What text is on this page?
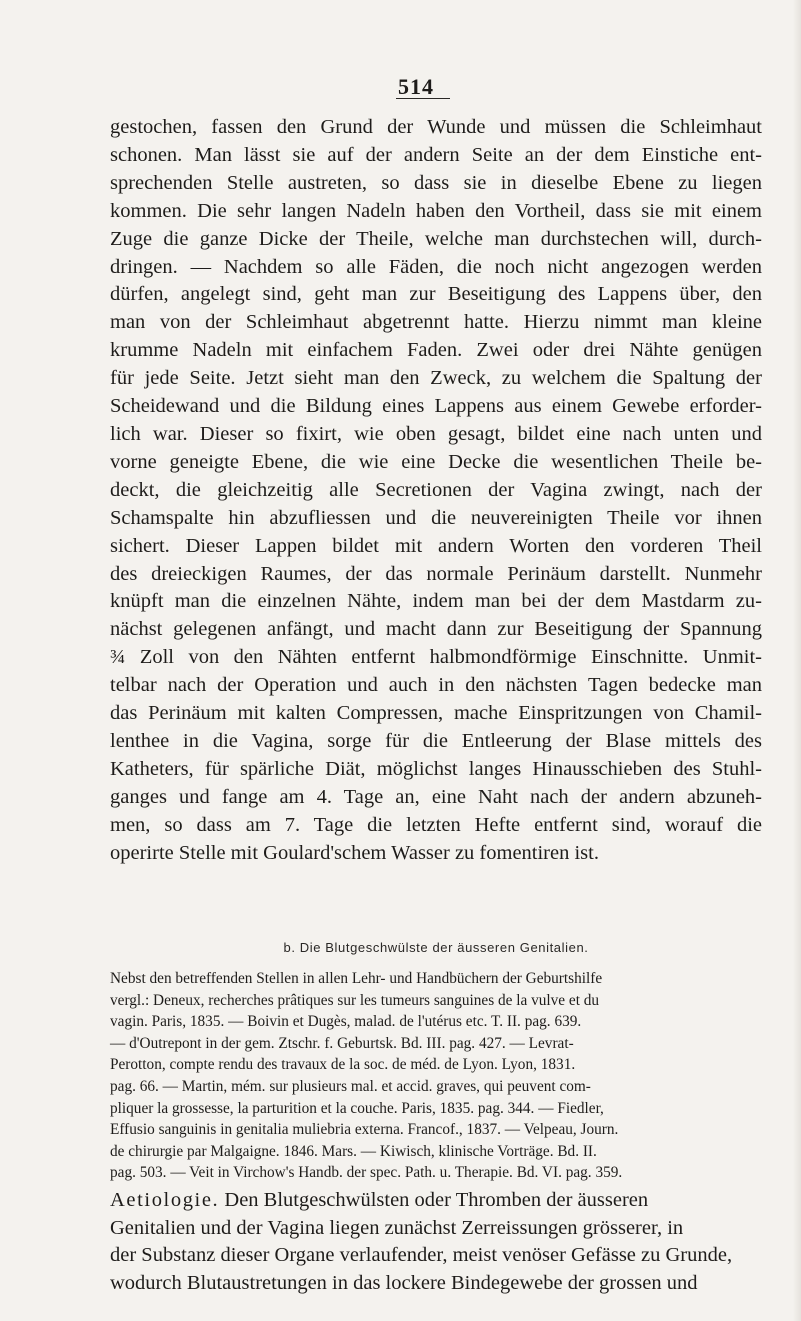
514
gestochen, fassen den Grund der Wunde und müssen die Schleimhaut
schonen. Man lässt sie auf der andern Seite an der dem Einstiche ent-
sprechenden Stelle austreten, so dass sie in dieselbe Ebene zu liegen
kommen. Die sehr langen Nadeln haben den Vortheil, dass sie mit einem
Zuge die ganze Dicke der Theile, welche man durchstechen will, durch-
dringen. — Nachdem so alle Fäden, die noch nicht angezogen werden
dürfen, angelegt sind, geht man zur Beseitigung des Lappens über, den
man von der Schleimhaut abgetrennt hatte. Hierzu nimmt man kleine
krumme Nadeln mit einfachem Faden. Zwei oder drei Nähte genügen
für jede Seite. Jetzt sieht man den Zweck, zu welchem die Spaltung der
Scheidewand und die Bildung eines Lappens aus einem Gewebe erforder-
lich war. Dieser so fixirt, wie oben gesagt, bildet eine nach unten und
vorne geneigte Ebene, die wie eine Decke die wesentlichen Theile be-
deckt, die gleichzeitig alle Secretionen der Vagina zwingt, nach der
Schamspalte hin abzufliessen und die neuvereinigten Theile vor ihnen
sichert. Dieser Lappen bildet mit andern Worten den vorderen Theil
des dreieckigen Raumes, der das normale Perinäum darstellt. Nunmehr
knüpft man die einzelnen Nähte, indem man bei der dem Mastdarm zu-
nächst gelegenen anfängt, und macht dann zur Beseitigung der Spannung
¾ Zoll von den Nähten entfernt halbmondförmige Einschnitte. Unmit-
telbar nach der Operation und auch in den nächsten Tagen bedecke man
das Perinäum mit kalten Compressen, mache Einspritzungen von Chamil-
lenthee in die Vagina, sorge für die Entleerung der Blase mittels des
Katheters, für spärliche Diät, möglichst langes Hinausschieben des Stuhl-
ganges und fange am 4. Tage an, eine Naht nach der andern abzuneh-
men, so dass am 7. Tage die letzten Hefte entfernt sind, worauf die
operirte Stelle mit Goulard'schem Wasser zu fomentiren ist.
b. Die Blutgeschwülste der äusseren Genitalien.
Nebst den betreffenden Stellen in allen Lehr- und Handbüchern der Geburtshilfe
vergl.: Deneux, recherches prâtiques sur les tumeurs sanguines de la vulve et du
vagin. Paris, 1835. — Boivin et Dugès, malad. de l'utérus etc. T. II. pag. 639.
— d'Outrepont in der gem. Ztschr. f. Geburtsk. Bd. III. pag. 427. — Levrat-
Perotton, compte rendu des travaux de la soc. de méd. de Lyon. Lyon, 1831.
pag. 66. — Martin, mém. sur plusieurs mal. et accid. graves, qui peuvent com-
pliquer la grossesse, la parturition et la couche. Paris, 1835. pag. 344. — Fiedler,
Effusio sanguinis in genitalia muliebria externa. Francof., 1837. — Velpeau, Journ.
de chirurgie par Malgaigne. 1846. Mars. — Kiwisch, klinische Vorträge. Bd. II.
pag. 503. — Veit in Virchow's Handb. der spec. Path. u. Therapie. Bd. VI. pag. 359.
Aetiologie. Den Blutgeschwülsten oder Thromben der äusseren
Genitalien und der Vagina liegen zunächst Zerreissungen grösserer, in
der Substanz dieser Organe verlaufender, meist venöser Gefässe zu Grunde,
wodurch Blutaustretungen in das lockere Bindegewebe der grossen und
